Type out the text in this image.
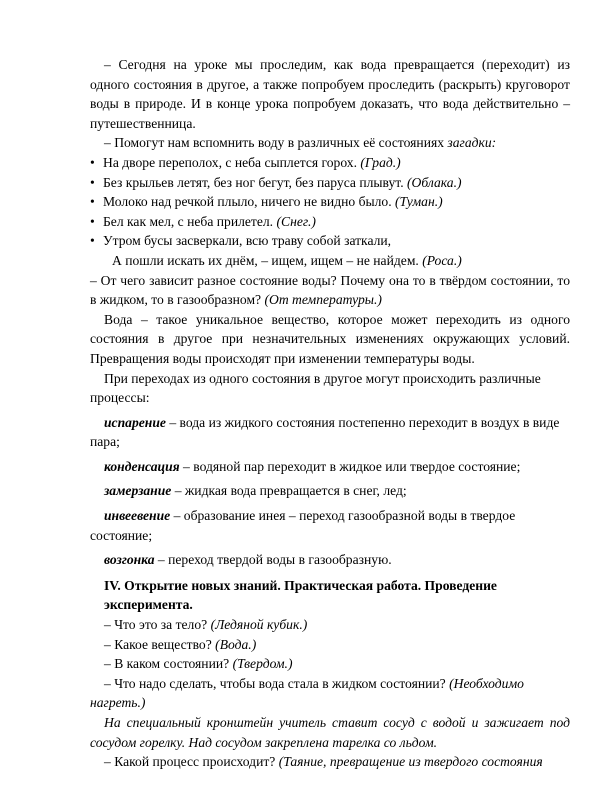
– Сегодня на уроке мы проследим, как вода превращается (переходит) из одного состояния в другое, а также попробуем проследить (раскрыть) круговорот воды в природе. И в конце урока попробуем доказать, что вода действительно – путешественница.

– Помогут нам вспомнить воду в различных её состояниях загадки:

• На дворе переполох, с неба сыплется горох. (Град.)

• Без крыльев летят, без ног бегут, без паруса плывут. (Облака.)

• Молоко над речкой плыло, ничего не видно было. (Туман.)

• Бел как мел, с неба прилетел. (Снег.)

• Утром бусы засверкали, всю траву собой заткали,

А пошли искать их днём, – ищем, ищем – не найдем. (Роса.)

– От чего зависит разное состояние воды? Почему она то в твёрдом состоянии, то в жидком, то в газообразном? (От температуры.)

Вода – такое уникальное вещество, которое может переходить из одного состояния в другое при незначительных изменениях окружающих условий. Превращения воды происходят при изменении температуры воды.

При переходах из одного состояния в другое могут происходить различные процессы:

испарение – вода из жидкого состояния постепенно переходит в воздух в виде пара;

конденсация – водяной пар переходит в жидкое или твердое состояние;

замерзание – жидкая вода превращается в снег, лед;

инвеевение – образование инея – переход газообразной воды в твердое состояние;

возгонка – переход твердой воды в газообразную.

IV. Открытие новых знаний. Практическая работа. Проведение эксперимента.

– Что это за тело? (Ледяной кубик.)

– Какое вещество? (Вода.)

– В каком состоянии? (Твердом.)

– Что надо сделать, чтобы вода стала в жидком состоянии? (Необходимо нагреть.)

На специальный кронштейн учитель ставит сосуд с водой и зажигает под сосудом горелку. Над сосудом закреплена тарелка со льдом.

– Какой процесс происходит? (Таяние, превращение из твердого состояния
